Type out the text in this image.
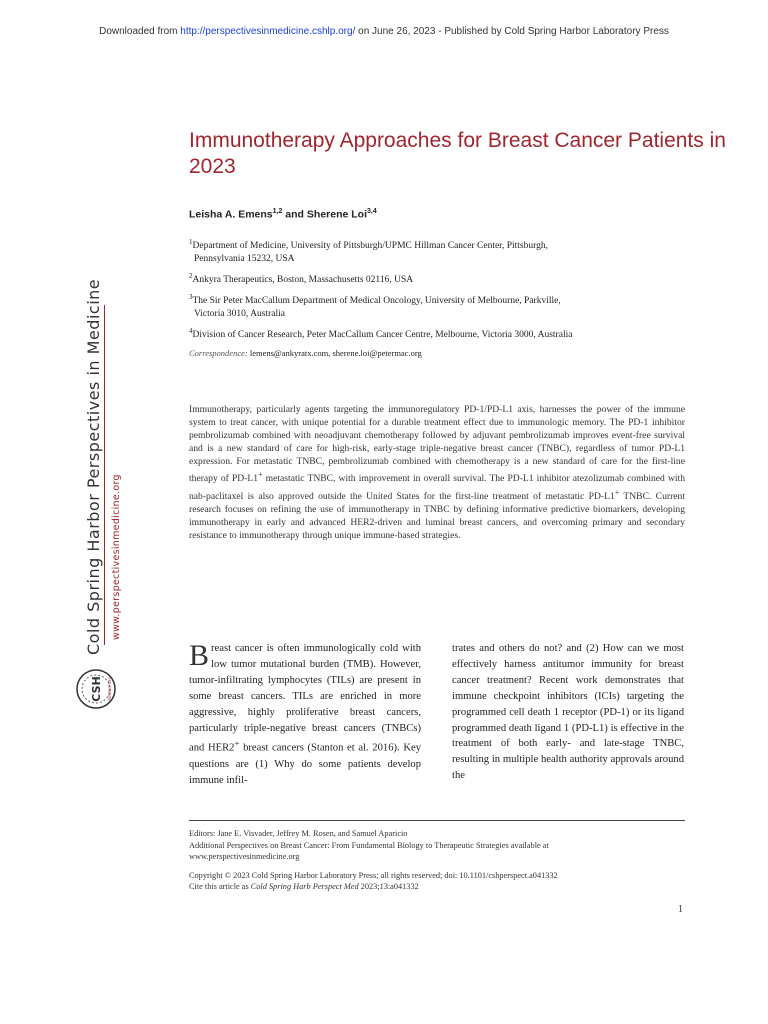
Downloaded from http://perspectivesinmedicine.cshlp.org/ on June 26, 2023 - Published by Cold Spring Harbor Laboratory Press
Immunotherapy Approaches for Breast Cancer Patients in 2023
Leisha A. Emens$^{1,2}$ and Sherene Loi$^{3,4}$
$^1$Department of Medicine, University of Pittsburgh/UPMC Hillman Cancer Center, Pittsburgh,
Pennsylvania 15232, USA
$^2$Ankyra Therapeutics, Boston, Massachusetts 02116, USA
$^3$The Sir Peter MacCallum Department of Medical Oncology, University of Melbourne, Parkville,
Victoria 3010, Australia
$^4$Division of Cancer Research, Peter MacCallum Cancer Centre, Melbourne, Victoria 3000, Australia
Correspondence: lemens@ankyratx.com, sherene.loi@petermac.org
Immunotherapy, particularly agents targeting the immunoregulatory PD-1/PD-L1 axis, harnesses the power of the immune system to treat cancer, with unique potential for a durable treatment effect due to immunologic memory. The PD-1 inhibitor pembrolizumab combined with neoadjuvant chemotherapy followed by adjuvant pembrolizumab improves event-free survival and is a new standard of care for high-risk, early-stage triple-negative breast cancer (TNBC), regardless of tumor PD-L1 expression. For metastatic TNBC, pembrolizumab combined with chemotherapy is a new standard of care for the first-line therapy of PD-L1+ metastatic TNBC, with improvement in overall survival. The PD-L1 inhibitor atezolizumab combined with nab-paclitaxel is also approved outside the United States for the first-line treatment of metastatic PD-L1+ TNBC. Current research focuses on refining the use of immunotherapy in TNBC by defining informative predictive biomarkers, developing immunotherapy in early and advanced HER2-driven and luminal breast cancers, and overcoming primary and secondary resistance to immunotherapy through unique immune-based strategies.
Cold Spring Harbor Perspectives in Medicine www.perspectivesinmedicine.org
CSH PERSPECTIVES
Breast cancer is often immunologically cold with low tumor mutational burden (TMB). However, tumor-infiltrating lymphocytes (TILs) are present in some breast cancers. TILs are enriched in more aggressive, highly proliferative breast cancers, particularly triple-negative breast cancers (TNBCs) and HER2+ breast cancers (Stanton et al. 2016). Key questions are (1) Why do some patients develop immune infil-
trates and others do not? and (2) How can we most effectively harness antitumor immunity for breast cancer treatment? Recent work demonstrates that immune checkpoint inhibitors (ICIs) targeting the programmed cell death 1 receptor (PD-1) or its ligand programmed death ligand 1 (PD-L1) is effective in the treatment of both early- and late-stage TNBC, resulting in multiple health authority approvals around the

Editors: Jane E. Visvader, Jeffrey M. Rosen, and Samuel Aparicio

Additional Perspectives on Breast Cancer: From Fundamental Biology to Therapeutic Strategies available at

www.perspectivesinmedicine.org

Copyright © 2023 Cold Spring Harbor Laboratory Press; all rights reserved; doi: 10.1101/cshperspect.a041332

Cite this article as Cold Spring Harb Perspect Med 2023;13:a041332

1
